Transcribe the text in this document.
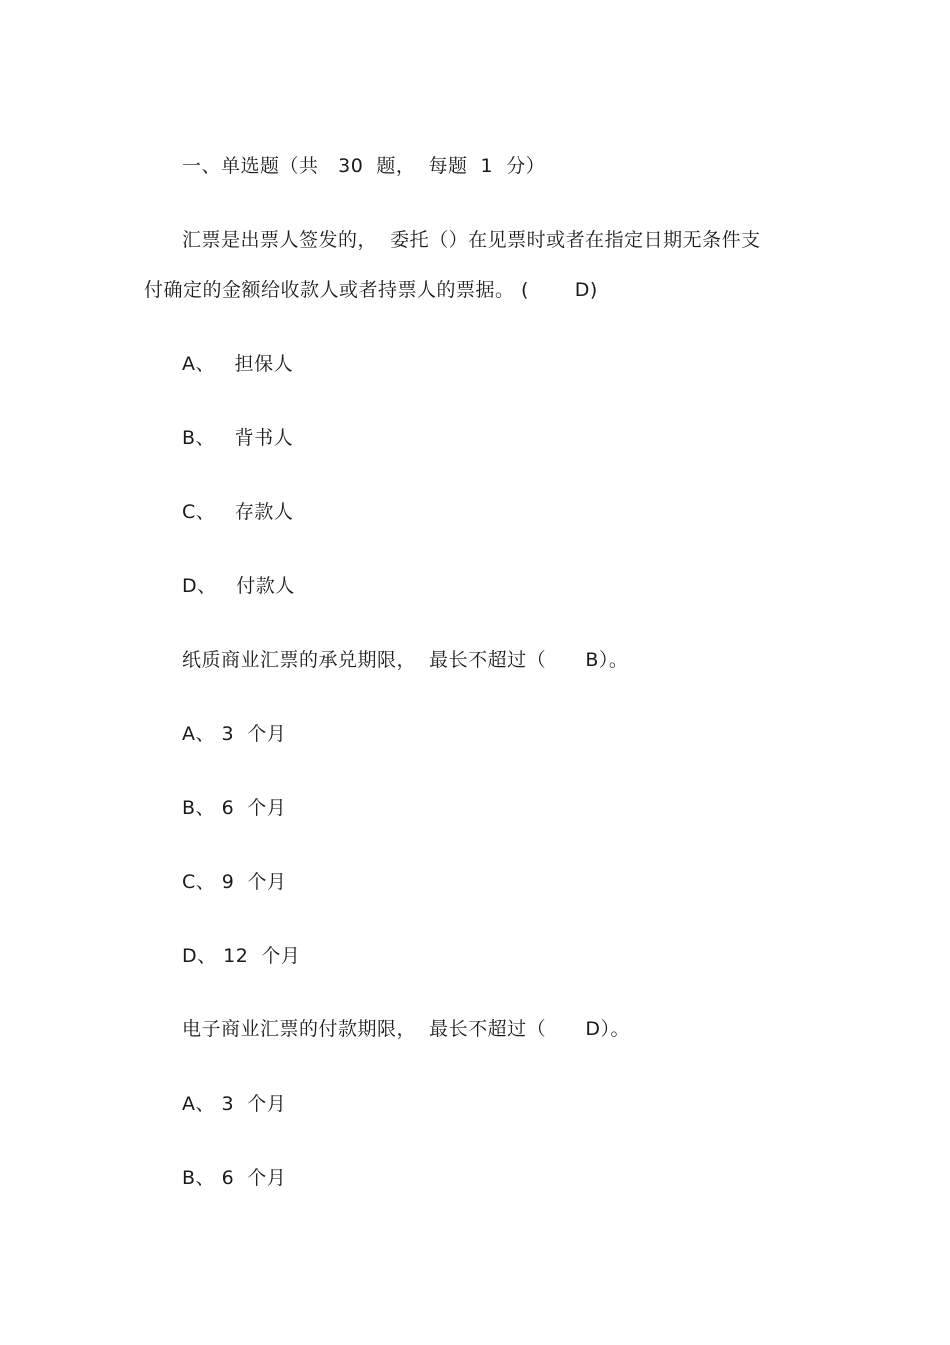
一、单选题（共   30  题，  每题  1  分）
汇票是出票人签发的，  委托（）在见票时或者在指定日期无条件支
付确定的金额给收款人或者持票人的票据。 (       D)
A、   担保人
B、   背书人
C、   存款人
D、   付款人
纸质商业汇票的承兑期限，  最长不超过（      B）。
A、 3  个月
B、 6  个月
C、 9  个月
D、 12  个月
电子商业汇票的付款期限，  最长不超过（      D）。
A、 3  个月
B、 6  个月
